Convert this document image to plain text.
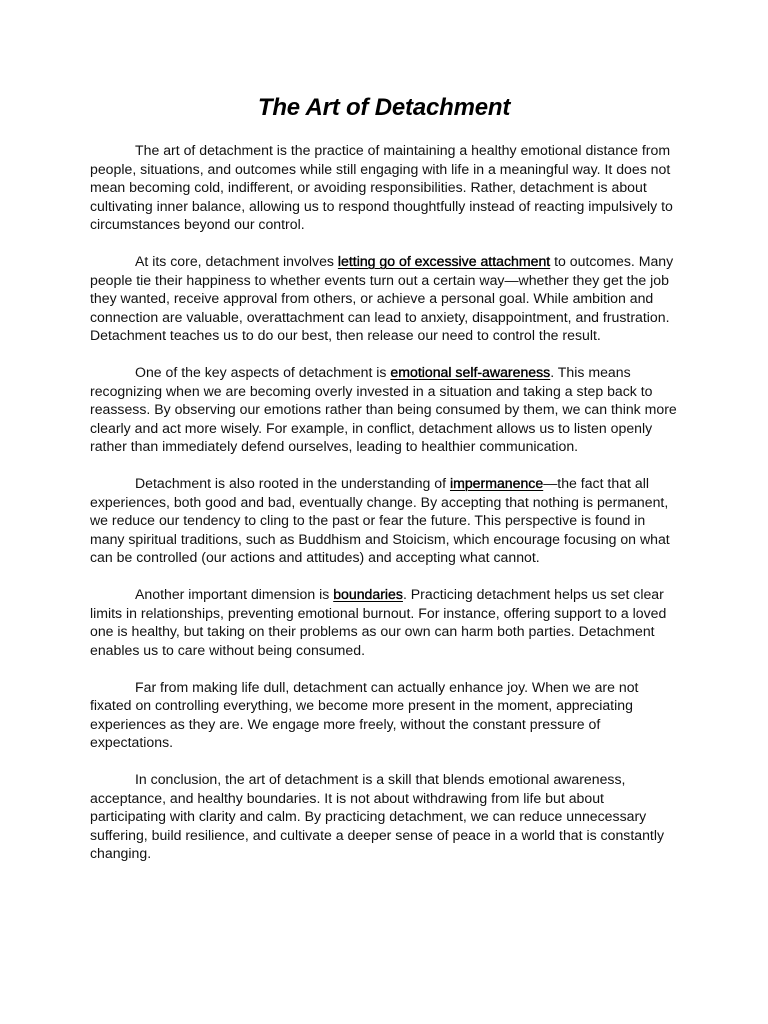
The Art of Detachment

The art of detachment is the practice of maintaining a healthy emotional distance from people, situations, and outcomes while still engaging with life in a meaningful way. It does not mean becoming cold, indifferent, or avoiding responsibilities. Rather, detachment is about cultivating inner balance, allowing us to respond thoughtfully instead of reacting impulsively to circumstances beyond our control.

At its core, detachment involves letting go of excessive attachment to outcomes. Many people tie their happiness to whether events turn out a certain way—whether they get the job they wanted, receive approval from others, or achieve a personal goal. While ambition and connection are valuable, overattachment can lead to anxiety, disappointment, and frustration. Detachment teaches us to do our best, then release our need to control the result.

One of the key aspects of detachment is emotional self-awareness. This means recognizing when we are becoming overly invested in a situation and taking a step back to reassess. By observing our emotions rather than being consumed by them, we can think more clearly and act more wisely. For example, in conflict, detachment allows us to listen openly rather than immediately defend ourselves, leading to healthier communication.

Detachment is also rooted in the understanding of impermanence—the fact that all experiences, both good and bad, eventually change. By accepting that nothing is permanent, we reduce our tendency to cling to the past or fear the future. This perspective is found in many spiritual traditions, such as Buddhism and Stoicism, which encourage focusing on what can be controlled (our actions and attitudes) and accepting what cannot.

Another important dimension is boundaries. Practicing detachment helps us set clear limits in relationships, preventing emotional burnout. For instance, offering support to a loved one is healthy, but taking on their problems as our own can harm both parties. Detachment enables us to care without being consumed.

Far from making life dull, detachment can actually enhance joy. When we are not fixated on controlling everything, we become more present in the moment, appreciating experiences as they are. We engage more freely, without the constant pressure of expectations.

In conclusion, the art of detachment is a skill that blends emotional awareness, acceptance, and healthy boundaries. It is not about withdrawing from life but about participating with clarity and calm. By practicing detachment, we can reduce unnecessary suffering, build resilience, and cultivate a deeper sense of peace in a world that is constantly changing.
